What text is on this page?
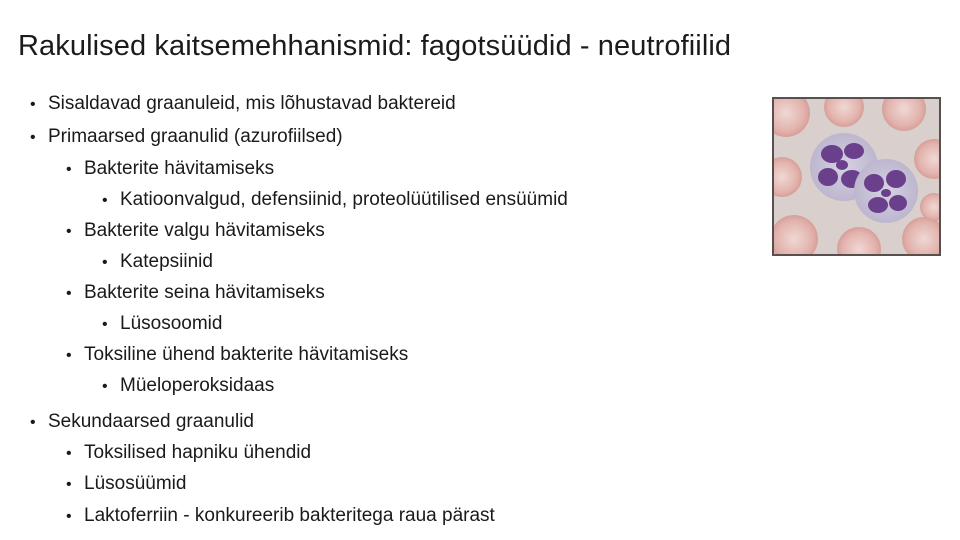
Rakulised kaitsemehhanismid: fagotsüüdid - neutrofiilid
• Sisaldavad graanuleid, mis lõhustavad baktereid
• Primaarsed graanulid (azurofiilsed)
• Bakterite hävitamiseks
• Katioonvalgud, defensiinid, proteolüütilised ensüümid
• Bakterite valgu hävitamiseks
• Katepsiinid
• Bakterite seina hävitamiseks
• Lüsosoomid
• Toksiline ühend bakterite hävitamiseks
• Müeloperoksidaas
• Sekundaarsed graanulid
• Toksilised hapniku ühendid
• Lüsosüümid
• Laktoferriin - konkureerib bakteritega raua pärast
